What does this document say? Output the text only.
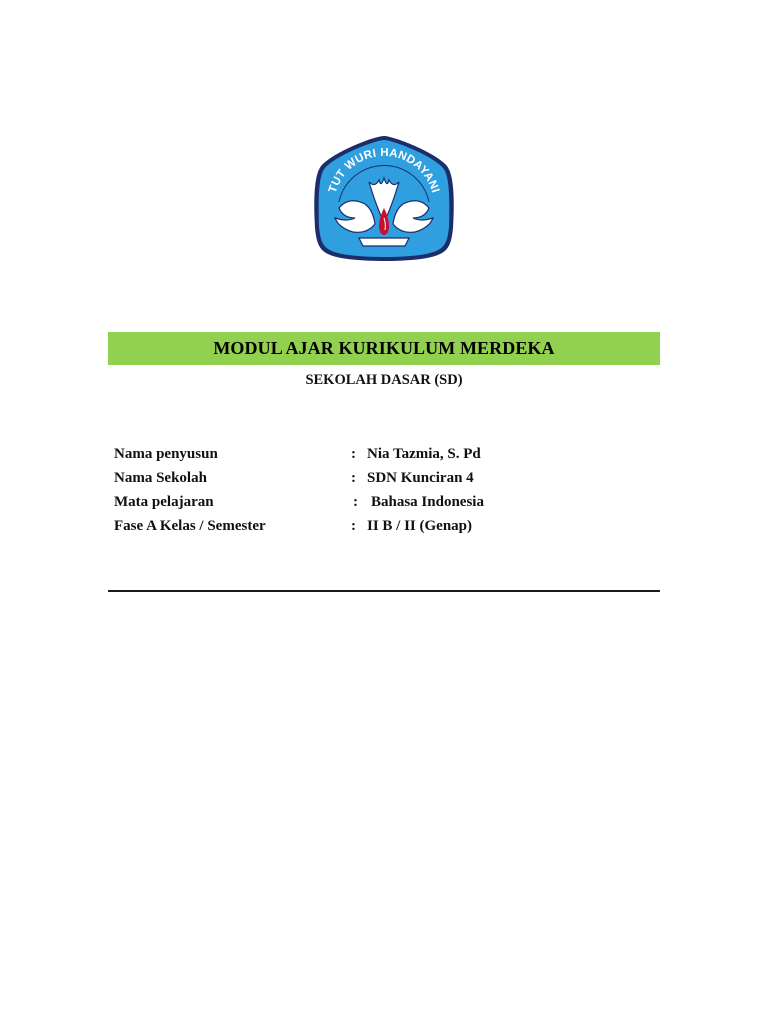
TUT WURI HANDAYANI
MODUL AJAR KURIKULUM MERDEKA
SEKOLAH DASAR (SD)
Nama penyusun	: Nia Tazmia, S. Pd
Nama Sekolah	: SDN Kunciran 4
Mata pelajaran	: Bahasa Indonesia
Fase A Kelas / Semester	: II B / II (Genap)
